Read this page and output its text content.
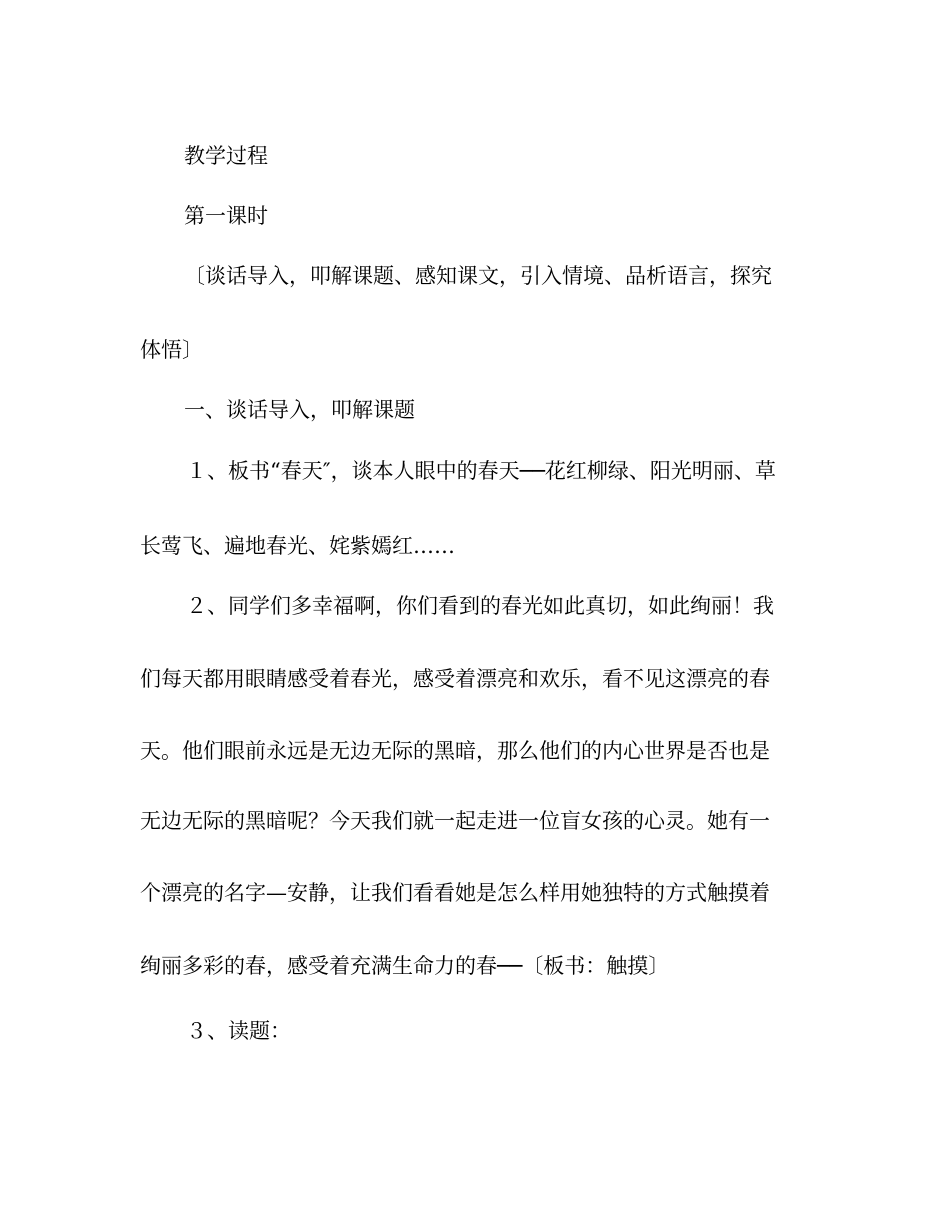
教学过程
第一课时
〔谈话导入，叩解课题、感知课文，引入情境、品析语言，探究
体悟〕
一、谈话导入，叩解课题
１、板书“春天″，谈本人眼中的春天──花红柳绿、阳光明丽、草
长莺飞、遍地春光、姹紫嫣红……
２、同学们多幸福啊，你们看到的春光如此真切，如此绚丽！我
们每天都用眼睛感受着春光，感受着漂亮和欢乐，看不见这漂亮的春
天。他们眼前永远是无边无际的黑暗，那么他们的内心世界是否也是
无边无际的黑暗呢？今天我们就一起走进一位盲女孩的心灵。她有一
个漂亮的名字—安静，让我们看看她是怎么样用她独特的方式触摸着
绚丽多彩的春，感受着充满生命力的春──〔板书：触摸〕
３、读题：
